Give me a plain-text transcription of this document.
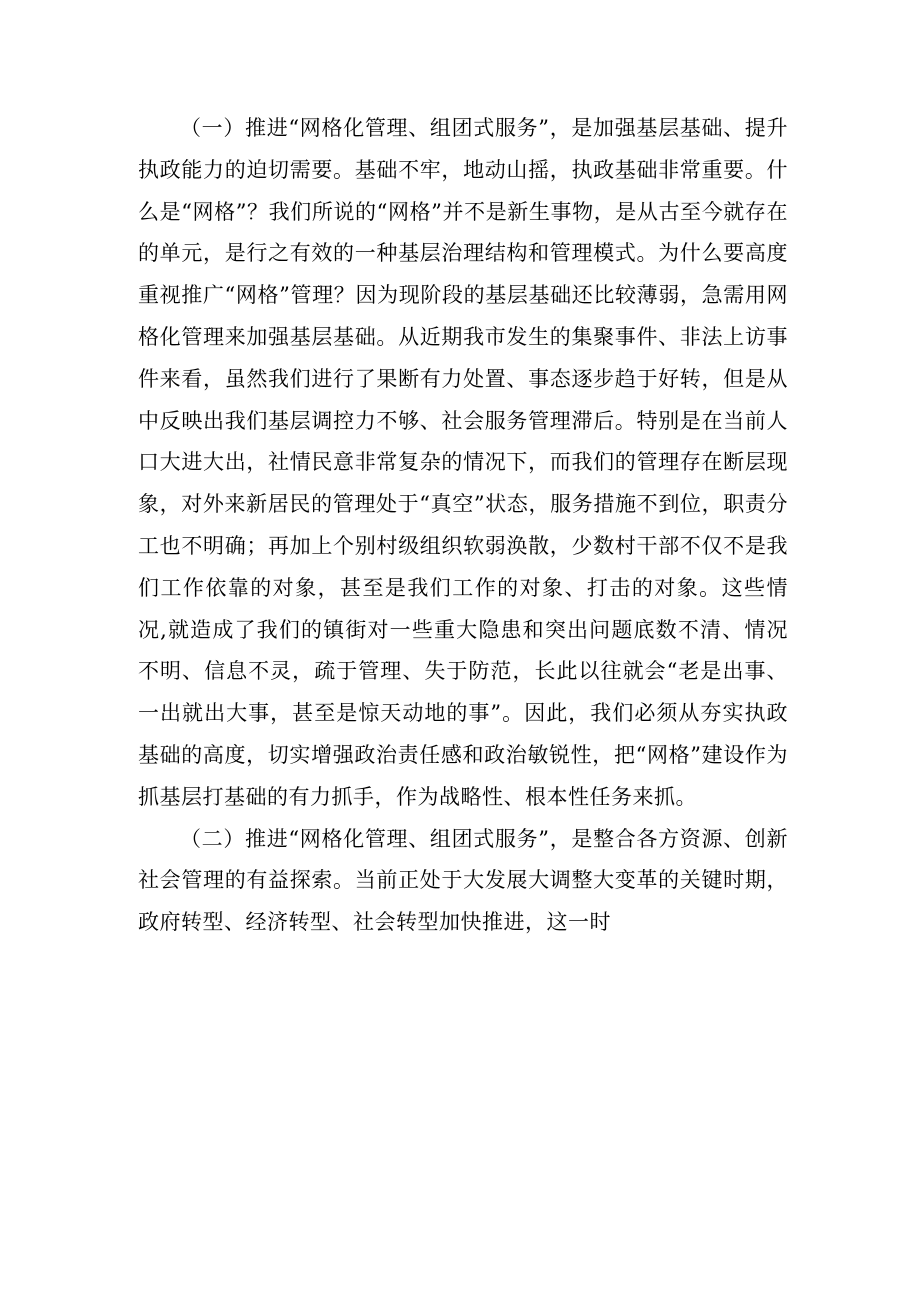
（一）推进“网格化管理、组团式服务”，是加强基层基础、提升执政能力的迫切需要。基础不牢，地动山摇，执政基础非常重要。什么是“网格”？我们所说的“网格”并不是新生事物，是从古至今就存在的单元，是行之有效的一种基层治理结构和管理模式。为什么要高度重视推广“网格”管理？因为现阶段的基层基础还比较薄弱，急需用网格化管理来加强基层基础。从近期我市发生的集聚事件、非法上访事件来看，虽然我们进行了果断有力处置、事态逐步趋于好转，但是从中反映出我们基层调控力不够、社会服务管理滞后。特别是在当前人口大进大出，社情民意非常复杂的情况下，而我们的管理存在断层现象，对外来新居民的管理处于“真空”状态，服务措施不到位，职责分工也不明确；再加上个别村级组织软弱涣散，少数村干部不仅不是我们工作依靠的对象，甚至是我们工作的对象、打击的对象。这些情况,就造成了我们的镇街对一些重大隐患和突出问题底数不清、情况不明、信息不灵，疏于管理、失于防范，长此以往就会“老是出事、一出就出大事，甚至是惊天动地的事”。因此，我们必须从夯实执政基础的高度，切实增强政治责任感和政治敏锐性，把“网格”建设作为抓基层打基础的有力抓手，作为战略性、根本性任务来抓。

（二）推进“网格化管理、组团式服务”，是整合各方资源、创新社会管理的有益探索。当前正处于大发展大调整大变革的关键时期，政府转型、经济转型、社会转型加快推进，这一时
